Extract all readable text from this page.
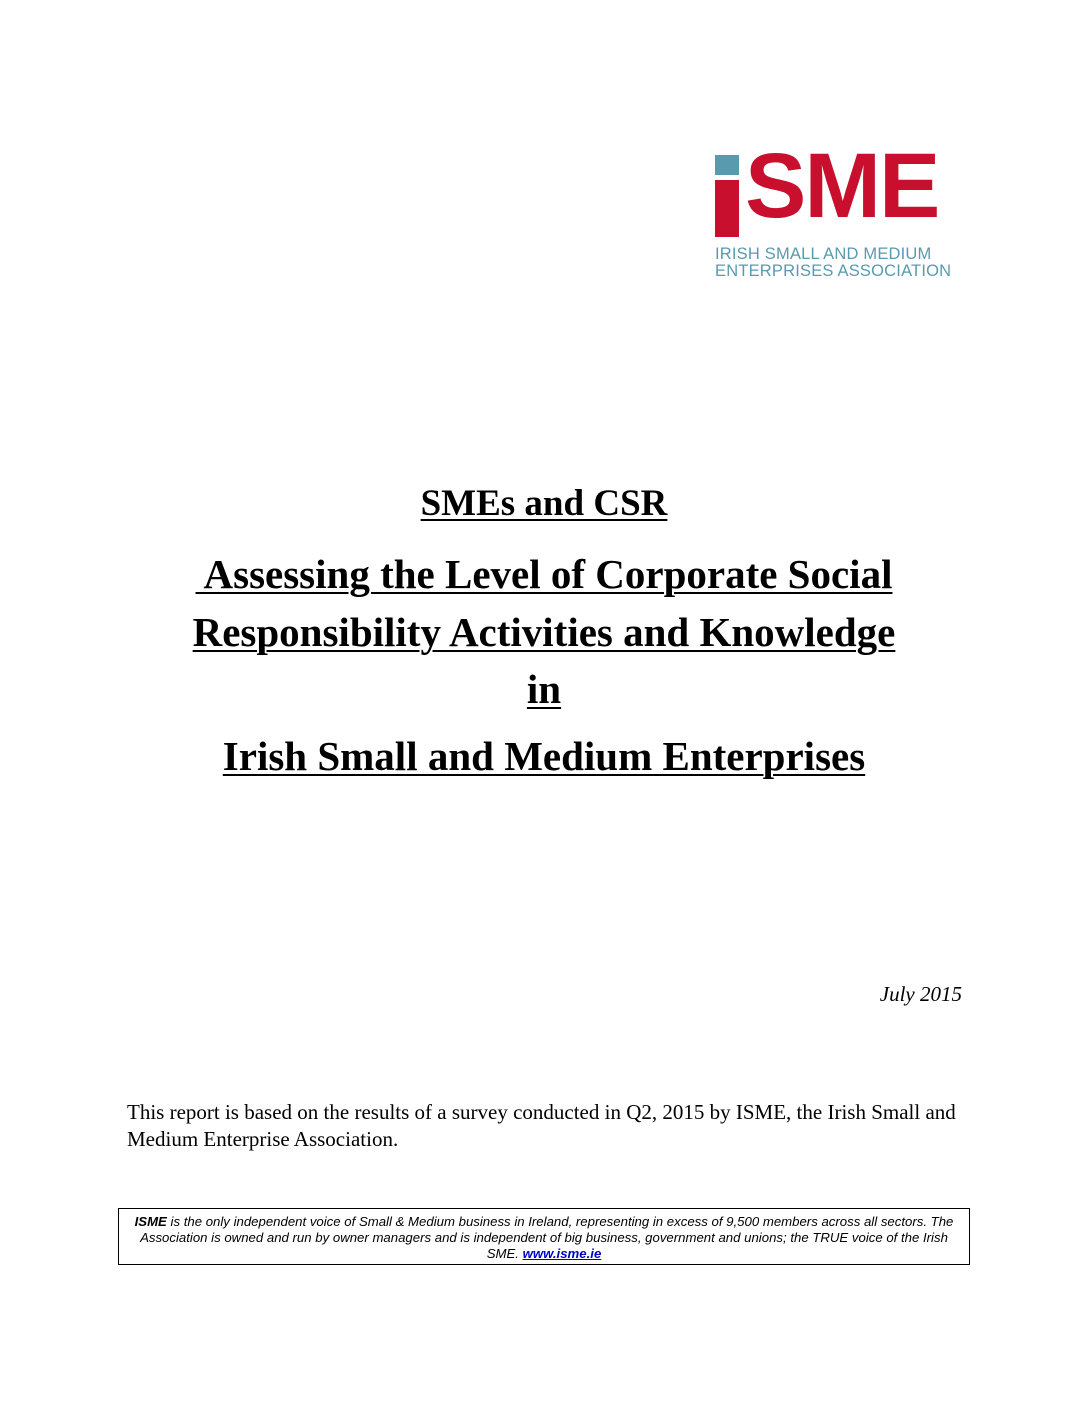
SME
IRISH SMALL AND MEDIUM
ENTERPRISES ASSOCIATION
SMEs and CSR
Assessing the Level of Corporate Social
Responsibility Activities and Knowledge
in
Irish Small and Medium Enterprises
July 2015
This report is based on the results of a survey conducted in Q2, 2015 by ISME, the Irish Small and Medium Enterprise Association.
ISME is the only independent voice of Small & Medium business in Ireland, representing in excess of 9,500 members across all sectors. The Association is owned and run by owner managers and is independent of big business, government and unions; the TRUE voice of the Irish SME. www.isme.ie
